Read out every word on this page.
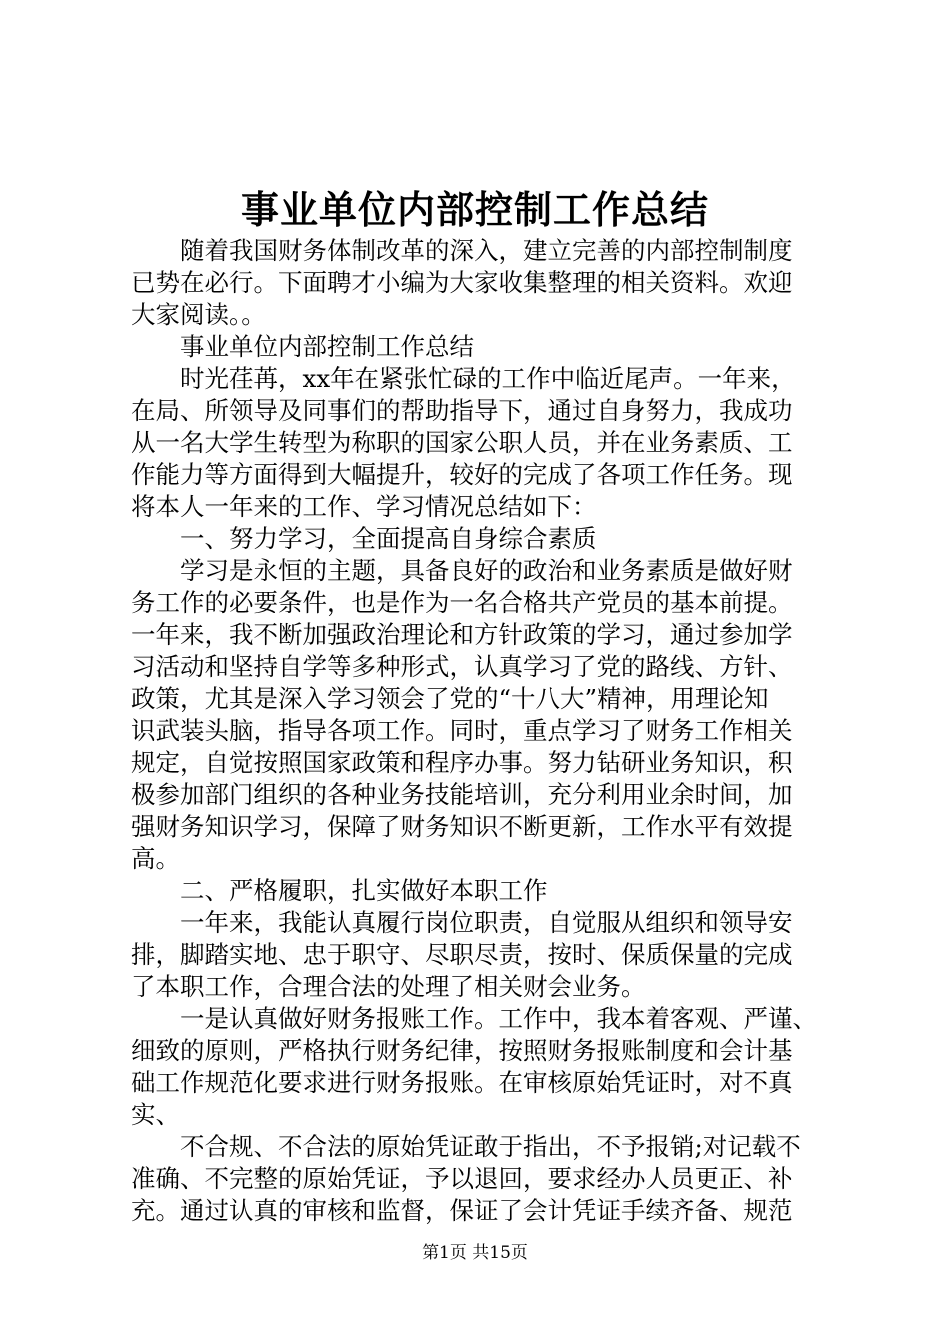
事业单位内部控制工作总结
　　随着我国财务体制改革的深入，建立完善的内部控制制度
已势在必行。下面聘才小编为大家收集整理的相关资料。欢迎
大家阅读。。
　　事业单位内部控制工作总结
　　时光荏苒，xx年在紧张忙碌的工作中临近尾声。一年来，
在局、所领导及同事们的帮助指导下，通过自身努力，我成功
从一名大学生转型为称职的国家公职人员，并在业务素质、工
作能力等方面得到大幅提升，较好的完成了各项工作任务。现
将本人一年来的工作、学习情况总结如下：
　　一、努力学习，全面提高自身综合素质
　　学习是永恒的主题，具备良好的政治和业务素质是做好财
务工作的必要条件，也是作为一名合格共产党员的基本前提。
一年来，我不断加强政治理论和方针政策的学习，通过参加学
习活动和坚持自学等多种形式，认真学习了党的路线、方针、
政策，尤其是深入学习领会了党的“十八大”精神，用理论知
识武装头脑，指导各项工作。同时，重点学习了财务工作相关
规定，自觉按照国家政策和程序办事。努力钻研业务知识，积
极参加部门组织的各种业务技能培训，充分利用业余时间，加
强财务知识学习，保障了财务知识不断更新，工作水平有效提
高。
　　二、严格履职，扎实做好本职工作
　　一年来，我能认真履行岗位职责，自觉服从组织和领导安
排，脚踏实地、忠于职守、尽职尽责，按时、保质保量的完成
了本职工作，合理合法的处理了相关财会业务。
　　一是认真做好财务报账工作。工作中，我本着客观、严谨、
细致的原则，严格执行财务纪律，按照财务报账制度和会计基
础工作规范化要求进行财务报账。在审核原始凭证时，对不真
实、
　　不合规、不合法的原始凭证敢于指出，不予报销;对记载不
准确、不完整的原始凭证，予以退回，要求经办人员更正、补
充。通过认真的审核和监督，保证了会计凭证手续齐备、规范
第1页 共15页
